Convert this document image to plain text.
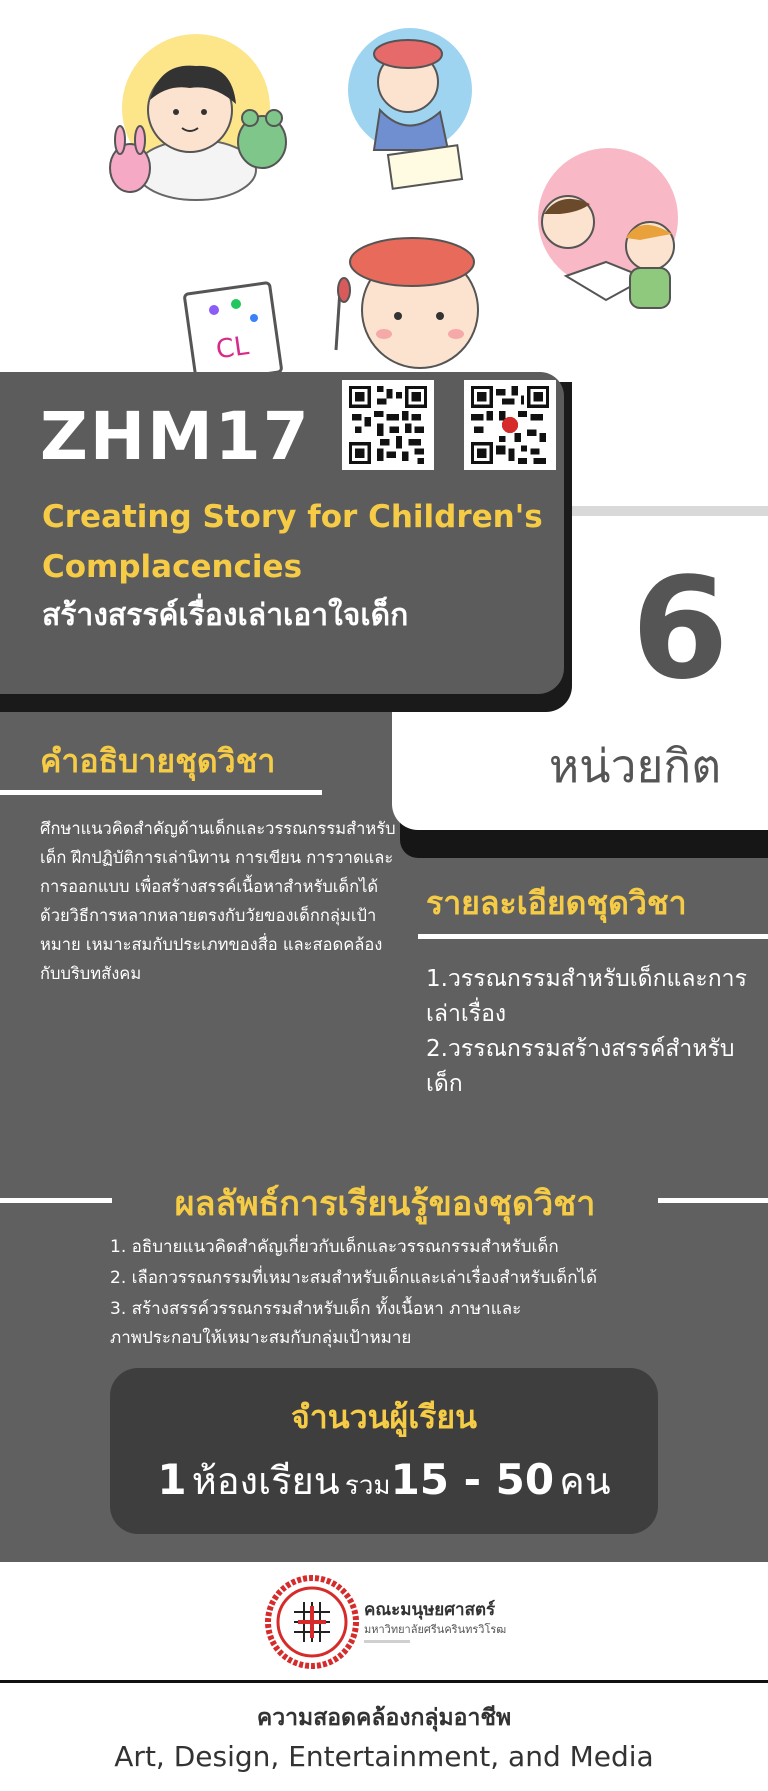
CL
6
หน่วยกิต
ZHM17
Creating Story for Children's Complacencies
สร้างสรรค์เรื่องเล่าเอาใจเด็ก
คำอธิบายชุดวิชา
ศึกษาแนวคิดสำคัญด้านเด็กและวรรณกรรมสำหรับเด็ก ฝึกปฏิบัติการเล่านิทาน การเขียน การวาดและการออกแบบ เพื่อสร้างสรรค์เนื้อหาสำหรับเด็กได้ด้วยวิธีการหลากหลายตรงกับวัยของเด็กกลุ่มเป้าหมาย เหมาะสมกับประเภทของสื่อ และสอดคล้องกับบริบทสังคม
รายละเอียดชุดวิชา
1.วรรณกรรมสำหรับเด็กและการเล่าเรื่อง
2.วรรณกรรมสร้างสรรค์สำหรับเด็ก
ผลลัพธ์การเรียนรู้ของชุดวิชา
1. อธิบายแนวคิดสำคัญเกี่ยวกับเด็กและวรรณกรรมสำหรับเด็ก
2. เลือกวรรณกรรมที่เหมาะสมสำหรับเด็กและเล่าเรื่องสำหรับเด็กได้
3. สร้างสรรค์วรรณกรรมสำหรับเด็ก ทั้งเนื้อหา ภาษาและ
ภาพประกอบให้เหมาะสมกับกลุ่มเป้าหมาย
จำนวนผู้เรียน
1 ห้องเรียน รวม15 - 50 คน
คณะมนุษยศาสตร์
มหาวิทยาลัยศรีนครินทรวิโรฒ
ความสอดคล้องกลุ่มอาชีพ
Art, Design, Entertainment, and Media
